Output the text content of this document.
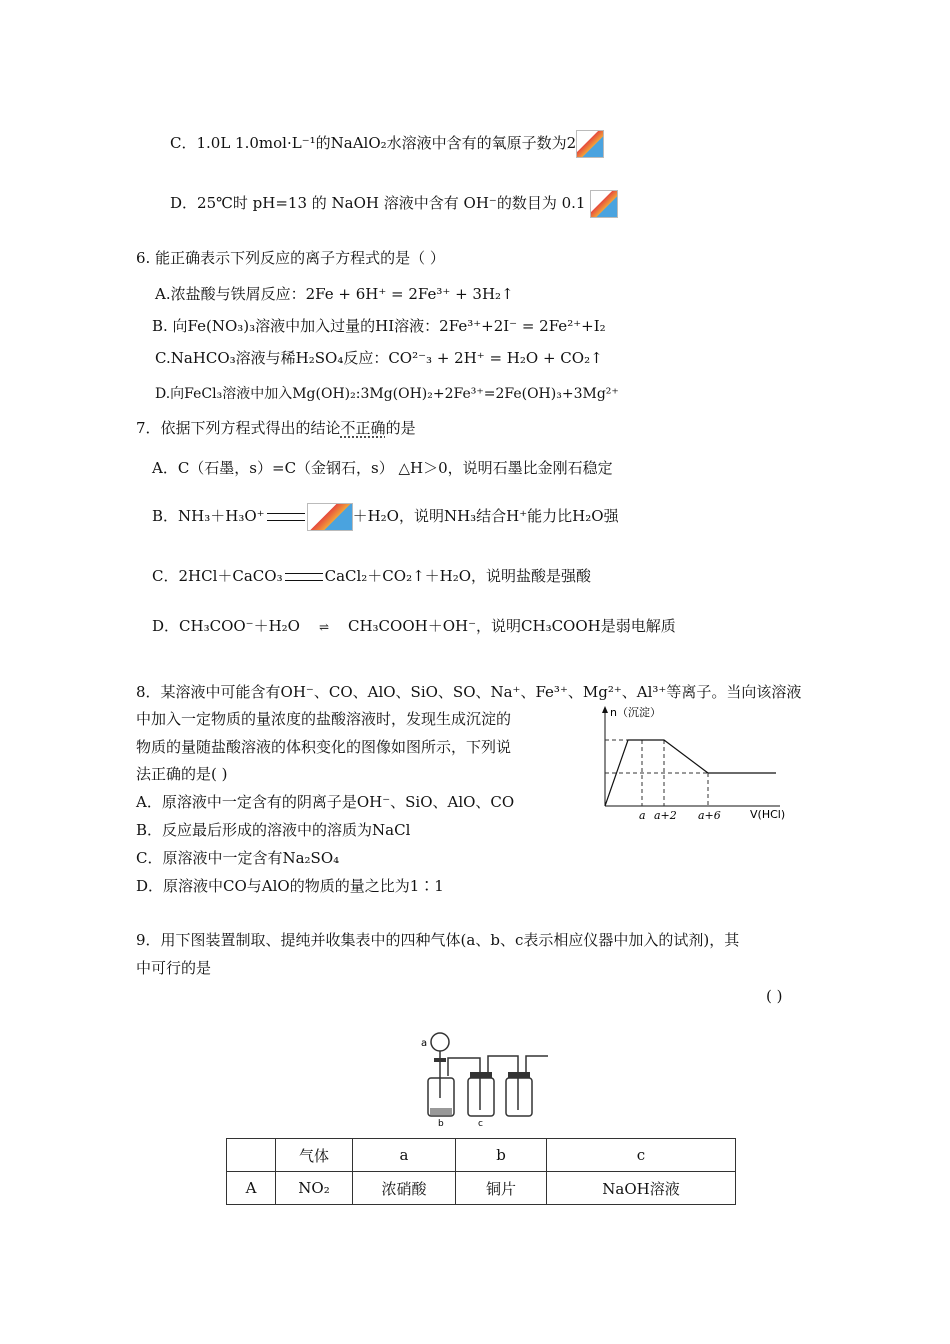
C．1.0L 1.0mol·L⁻¹的NaAlO₂水溶液中含有的氧原子数为2
D．25℃时 pH=13 的 NaOH 溶液中含有 OH⁻的数目为 0.1
6. 能正确表示下列反应的离子方程式的是（ ）
A.浓盐酸与铁屑反应：2Fe + 6H⁺ = 2Fe³⁺ + 3H₂↑
B. 向Fe(NO₃)₃溶液中加入过量的HI溶液：2Fe³⁺+2I⁻ = 2Fe²⁺+I₂
C.NaHCO₃溶液与稀H₂SO₄反应：CO²⁻₃ + 2H⁺ = H₂O + CO₂↑
D.向FeCl₃溶液中加入Mg(OH)₂:3Mg(OH)₂+2Fe³⁺=2Fe(OH)₃+3Mg²⁺
7．依据下列方程式得出的结论不正确的是
A．C（石墨，s）=C（金钢石，s） △H＞0，说明石墨比金刚石稳定
B．NH₃＋H₃O⁺	＋H₂O，说明NH₃结合H⁺能力比H₂O强
C．2HCl＋CaCO₃	CaCl₂＋CO₂↑＋H₂O，说明盐酸是强酸
D．CH₃COO⁻＋H₂O ⇌ CH₃COOH＋OH⁻，说明CH₃COOH是弱电解质
8．某溶液中可能含有OH⁻、CO、AlO、SiO、SO、Na⁺、Fe³⁺、Mg²⁺、Al³⁺等离子。当向该溶液
中加入一定物质的量浓度的盐酸溶液时，发现生成沉淀的
物质的量随盐酸溶液的体积变化的图像如图所示，下列说
法正确的是( )
A．原溶液中一定含有的阴离子是OH⁻、SiO、AlO、CO
B．反应最后形成的溶液中的溶质为NaCl
C．原溶液中一定含有Na₂SO₄
D．原溶液中CO与AlO的物质的量之比为1∶1
n（沉淀）
V(HCl)
a a+2 a+6
9．用下图装置制取、提纯并收集表中的四种气体(a、b、c表示相应仪器中加入的试剂)，其
中可行的是
( )
a
b	c
	气体	a	b	c
A	NO₂	浓硝酸	铜片	NaOH溶液
